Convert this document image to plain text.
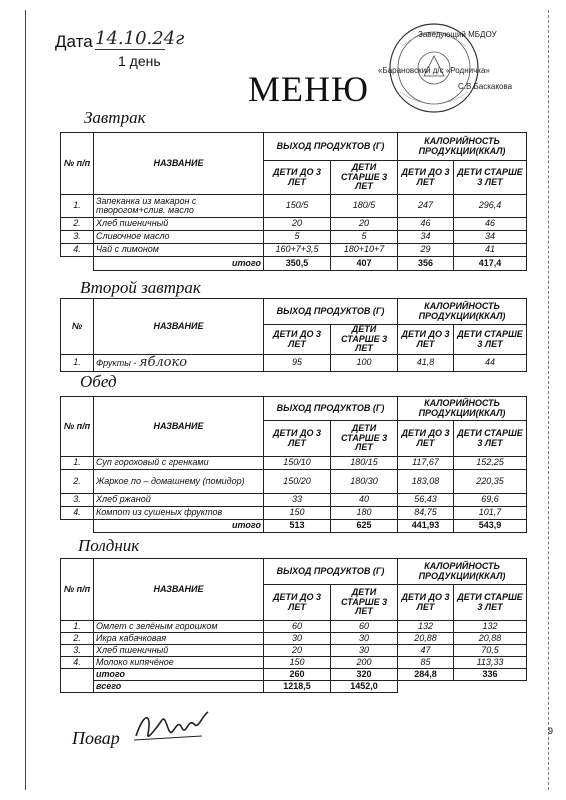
Дата 14.10.24г
1 день
Заведующий МБДОУ
«Барановский д/с «Родничка»
С.В.Баскакова
МЕНЮ
Завтрак
№ п/п	НАЗВАНИЕ	ВЫХОД ПРОДУКТОВ (Г)		КАЛОРИЙНОСТЬ ПРОДУКЦИИ(ККАЛ)	
		ДЕТИ ДО 3 ЛЕТ	ДЕТИ СТАРШЕ 3 ЛЕТ	ДЕТИ ДО 3 ЛЕТ	ДЕТИ СТАРШЕ 3 ЛЕТ
1.	Запеканка из макарон с творогом+слив. масло	150/5	180/5	247	296,4
2.	Хлеб пшеничный	20	20	46	46
3.	Сливочное масло	5	5	34	34
4.	Чай с лимоном	160+7+3,5	180+10+7	29	41
	итого	350,5	407	356	417,4
Второй завтрак
№	НАЗВАНИЕ	ВЫХОД ПРОДУКТОВ (Г)		КАЛОРИЙНОСТЬ ПРОДУКЦИИ(ККАЛ)	
		ДЕТИ ДО 3 ЛЕТ	ДЕТИ СТАРШЕ 3 ЛЕТ	ДЕТИ ДО 3 ЛЕТ	ДЕТИ СТАРШЕ 3 ЛЕТ
1.	Фрукты - яблоко	95	100	41,8	44
Обед
№ п/п	НАЗВАНИЕ	ВЫХОД ПРОДУКТОВ (Г)		КАЛОРИЙНОСТЬ ПРОДУКЦИИ(ККАЛ)	
		ДЕТИ ДО 3 ЛЕТ	ДЕТИ СТАРШЕ 3 ЛЕТ	ДЕТИ ДО 3 ЛЕТ	ДЕТИ СТАРШЕ 3 ЛЕТ
1.	Суп гороховый с гренками	150/10	180/15	117,67	152,25
2.	Жаркое по – домашнему (помидор)	150/20	180/30	183,08	220,35
3.	Хлеб ржаной	33	40	56,43	69,6
4.	Компот из сушеных фруктов	150	180	84,75	101,7
	итого	513	625	441,93	543,9
Полдник
№ п/п	НАЗВАНИЕ	ВЫХОД ПРОДУКТОВ (Г)		КАЛОРИЙНОСТЬ ПРОДУКЦИИ(ККАЛ)	
		ДЕТИ ДО 3 ЛЕТ	ДЕТИ СТАРШЕ 3 ЛЕТ	ДЕТИ ДО 3 ЛЕТ	ДЕТИ СТАРШЕ 3 ЛЕТ
1.	Омлет с зелёным горошком	60	60	132	132
2.	Икра кабачковая	30	30	20,88	20,88
3.	Хлеб пшеничный	20	30	47	70,5
4.	Молоко кипячёное	150	200	85	113,33
	итого	260	320	284,8	336
	всего	1218,5	1452,0		
Повар	9
